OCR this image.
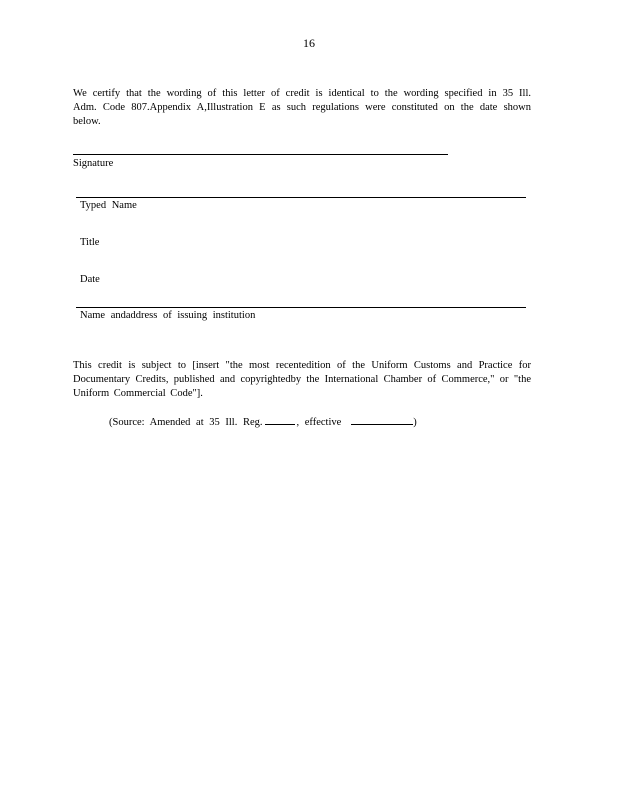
16
We certify that the wording of this letter of credit is identical to the wording specified in 35 Ill. Adm. Code 807.Appendix A,Illustration E as such regulations were constituted on the date shown below.
Signature
Typed Name
Title
Date
Name andaddress of issuing institution
This credit is subject to [insert "the most recentedition of the Uniform Customs and Practice for Documentary Credits, published and copyrightedby the International Chamber of Commerce," or "the Uniform Commercial Code"].
(Source: Amended at 35 Ill. Reg.	, effective	)
